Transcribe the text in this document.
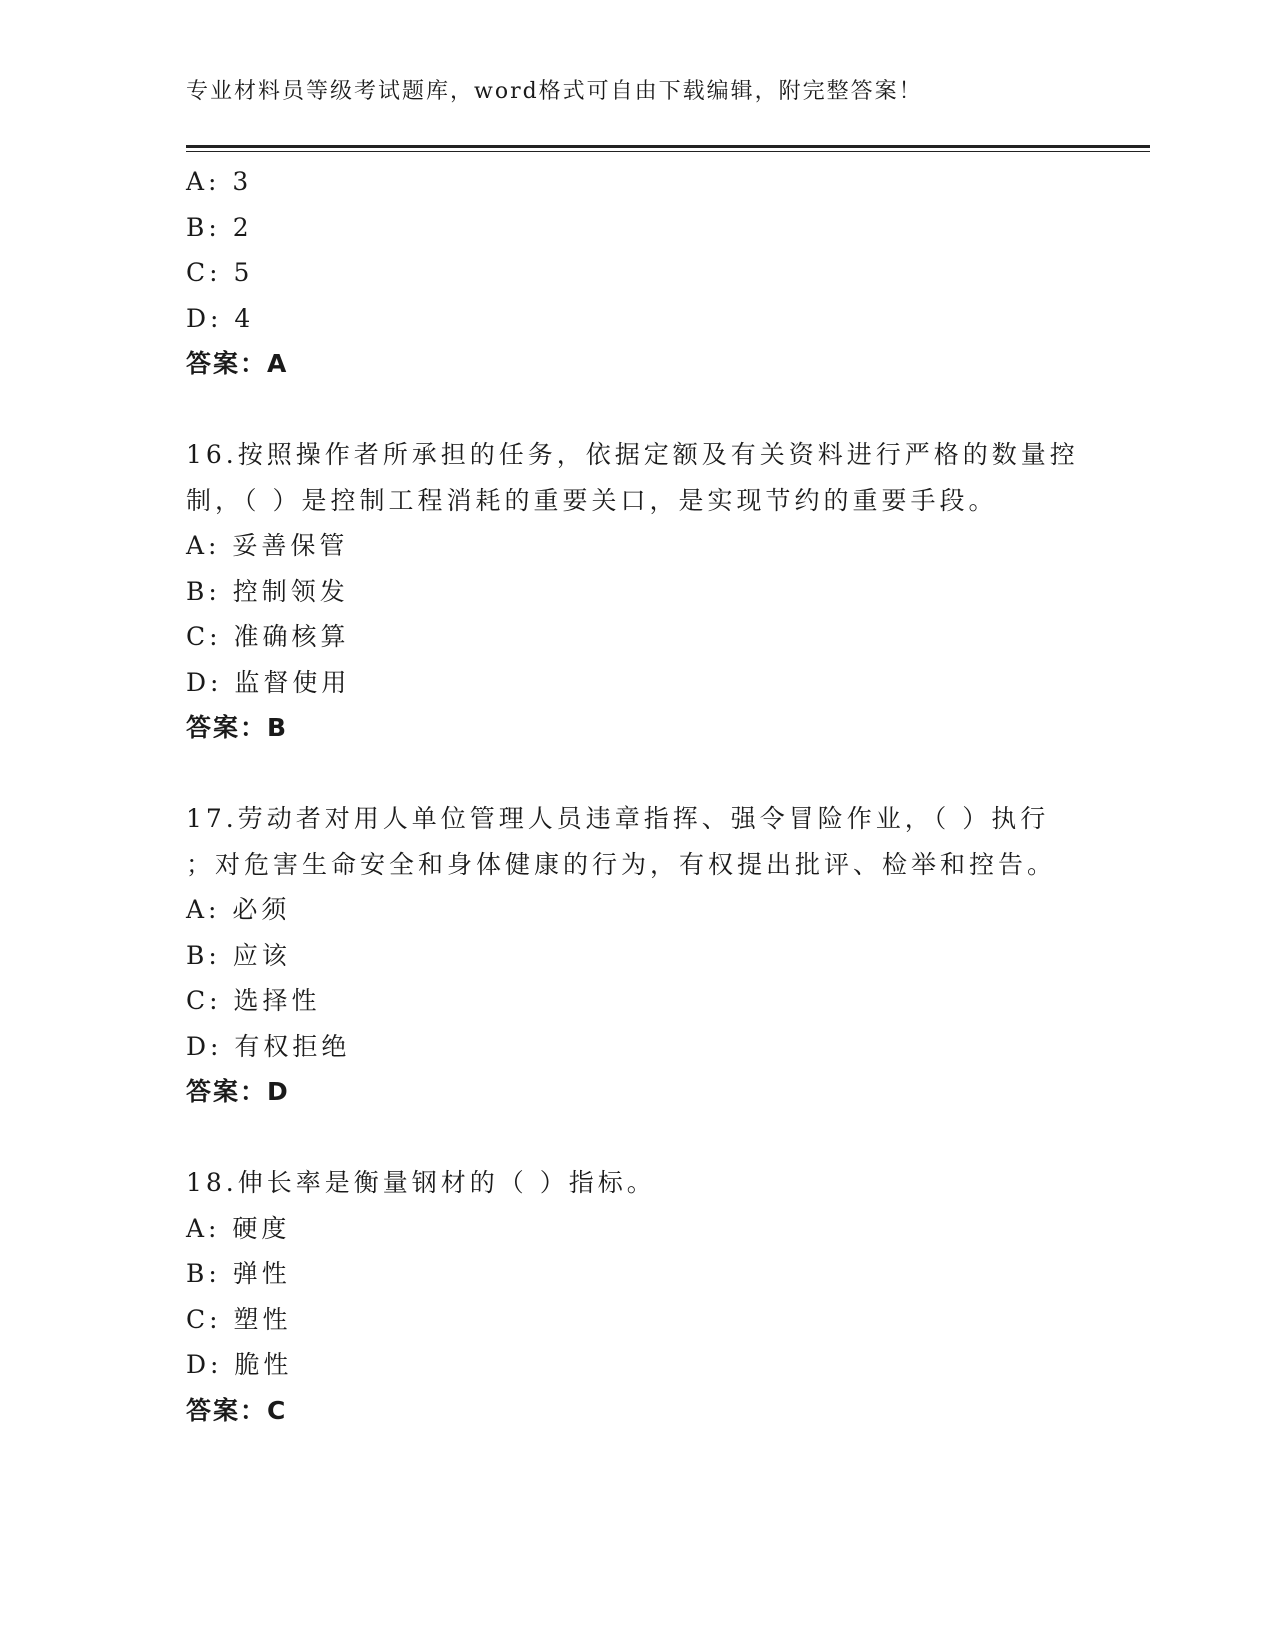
专业材料员等级考试题库，word格式可自由下载编辑，附完整答案！
A: 3
B: 2
C: 5
D: 4
答案：A
16.按照操作者所承担的任务，依据定额及有关资料进行严格的数量控
制，（ ）是控制工程消耗的重要关口，是实现节约的重要手段。
A: 妥善保管
B: 控制领发
C: 准确核算
D: 监督使用
答案：B
17.劳动者对用人单位管理人员违章指挥、强令冒险作业，（ ）执行
；对危害生命安全和身体健康的行为，有权提出批评、检举和控告。
A: 必须
B: 应该
C: 选择性
D: 有权拒绝
答案：D
18.伸长率是衡量钢材的（ ）指标。
A: 硬度
B: 弹性
C: 塑性
D: 脆性
答案：C
